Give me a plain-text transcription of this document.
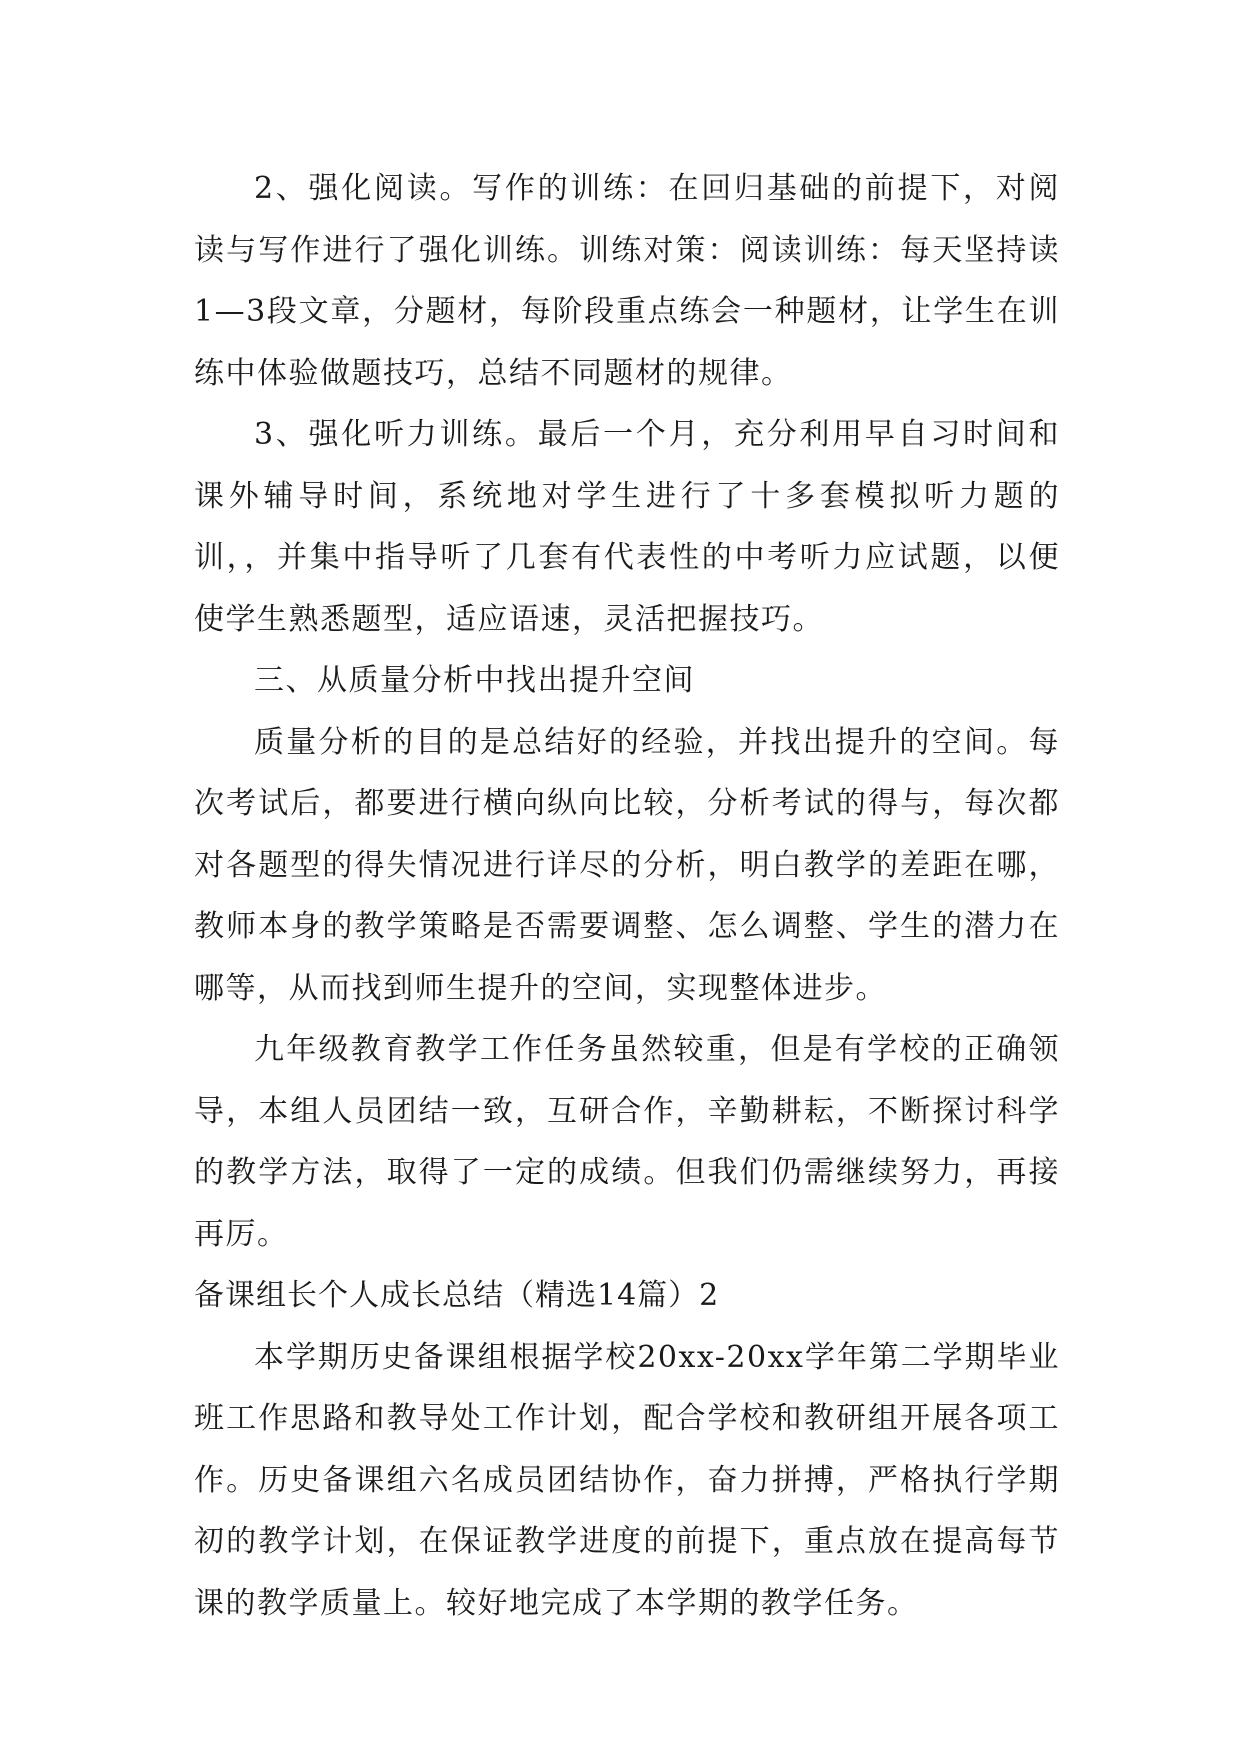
2、强化阅读。写作的训练：在回归基础的前提下，对阅读与写作进行了强化训练。训练对策：阅读训练：每天坚持读1—3段文章，分题材，每阶段重点练会一种题材，让学生在训练中体验做题技巧，总结不同题材的规律。

3、强化听力训练。最后一个月，充分利用早自习时间和课外辅导时间，系统地对学生进行了十多套模拟听力题的训，，并集中指导听了几套有代表性的中考听力应试题，以便使学生熟悉题型，适应语速，灵活把握技巧。

三、从质量分析中找出提升空间

质量分析的目的是总结好的经验，并找出提升的空间。每次考试后，都要进行横向纵向比较，分析考试的得与，每次都对各题型的得失情况进行详尽的分析，明白教学的差距在哪，教师本身的教学策略是否需要调整、怎么调整、学生的潜力在哪等，从而找到师生提升的空间，实现整体进步。

九年级教育教学工作任务虽然较重，但是有学校的正确领导，本组人员团结一致，互研合作，辛勤耕耘，不断探讨科学的教学方法，取得了一定的成绩。但我们仍需继续努力，再接再厉。

备课组长个人成长总结（精选14篇）2

本学期历史备课组根据学校20xx-20xx学年第二学期毕业班工作思路和教导处工作计划，配合学校和教研组开展各项工作。历史备课组六名成员团结协作，奋力拼搏，严格执行学期初的教学计划，在保证教学进度的前提下，重点放在提高每节课的教学质量上。较好地完成了本学期的教学任务。
